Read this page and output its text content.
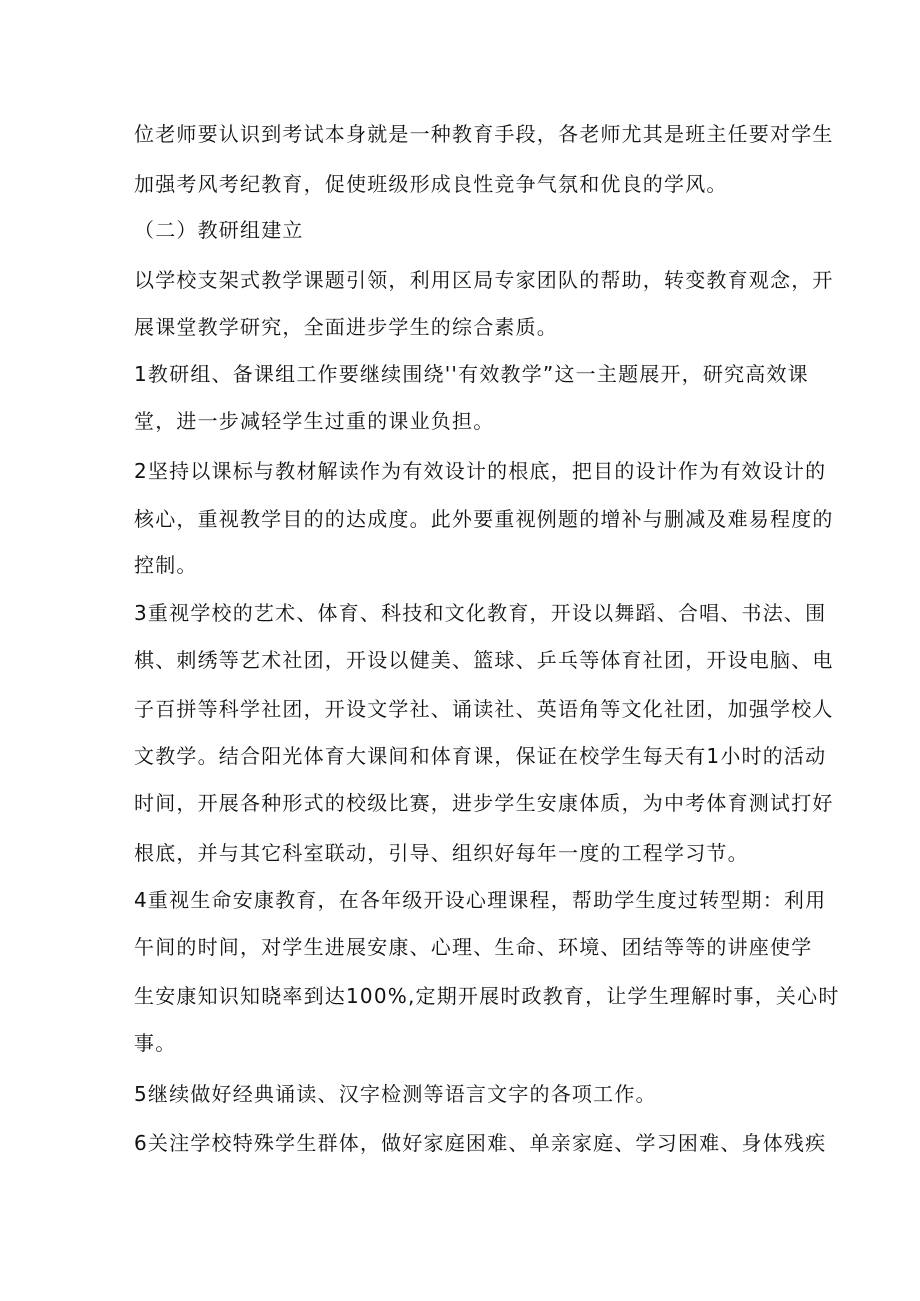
位老师要认识到考试本身就是一种教育手段，各老师尤其是班主任要对学生
加强考风考纪教育，促使班级形成良性竞争气氛和优良的学风。
（二）教研组建立
以学校支架式教学课题引领，利用区局专家团队的帮助，转变教育观念，开
展课堂教学研究，全面进步学生的综合素质。
1教研组、备课组工作要继续围绕''有效教学”这一主题展开，研究高效课
堂，进一步减轻学生过重的课业负担。
2坚持以课标与教材解读作为有效设计的根底，把目的设计作为有效设计的
核心，重视教学目的的达成度。此外要重视例题的增补与删减及难易程度的
控制。
3重视学校的艺术、体育、科技和文化教育，开设以舞蹈、合唱、书法、围
棋、刺绣等艺术社团，开设以健美、篮球、乒乓等体育社团，开设电脑、电
子百拼等科学社团，开设文学社、诵读社、英语角等文化社团，加强学校人
文教学。结合阳光体育大课间和体育课，保证在校学生每天有1小时的活动
时间，开展各种形式的校级比赛，进步学生安康体质，为中考体育测试打好
根底，并与其它科室联动，引导、组织好每年一度的工程学习节。
4重视生命安康教育，在各年级开设心理课程，帮助学生度过转型期：利用
午间的时间，对学生进展安康、心理、生命、环境、团结等等的讲座使学
生安康知识知晓率到达100%,定期开展时政教育，让学生理解时事，关心时
事。
5继续做好经典诵读、汉字检测等语言文字的各项工作。
6关注学校特殊学生群体，做好家庭困难、单亲家庭、学习困难、身体残疾
